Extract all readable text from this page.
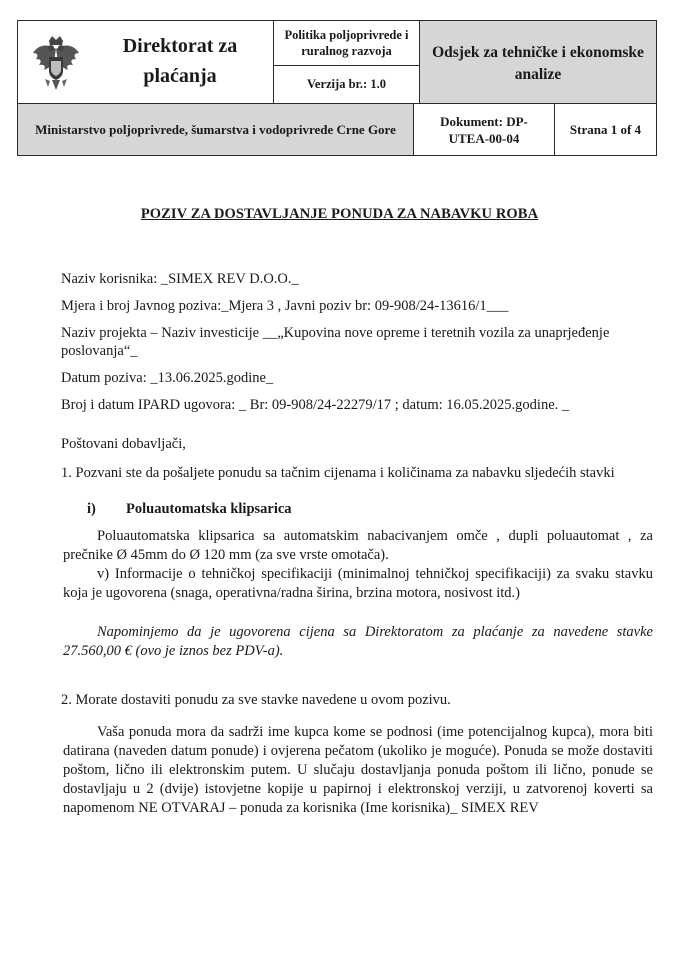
Direktorat za plaćanja
Politika poljoprivrede i ruralnog razvoja
Verzija br.: 1.0
Odsjek za tehničke i ekonomske analize
Ministarstvo poljoprivrede, šumarstva i vodoprivrede Crne Gore
Dokument: DP-UTEA-00-04
Strana 1 of 4
POZIV ZA DOSTAVLJANJE PONUDA ZA NABAVKU ROBA
Naziv korisnika: _SIMEX REV D.O.O._
Mjera i broj Javnog poziva:_Mjera 3 , Javni poziv br: 09-908/24-13616/1___
Naziv projekta – Naziv investicije __„Kupovina nove opreme i teretnih vozila za unaprjeđenje
poslovanja“_
Datum poziva: _13.06.2025.godine_
Broj i datum IPARD ugovora: _ Br: 09-908/24-22279/17 ; datum: 16.05.2025.godine. _
Poštovani dobavljači,
1. Pozvani ste da pošaljete ponudu sa tačnim cijenama i količinama za nabavku sljedećih stavki
i) Poluautomatska klipsarica
Poluautomatska klipsarica sa automatskim nabacivanjem omče , dupli poluautomat , za prečnike Ø 45mm do Ø 120 mm (za sve vrste omotača).
v) Informacije o tehničkoj specifikaciji (minimalnoj tehničkoj specifikaciji) za svaku stavku koja je ugovorena (snaga, operativna/radna širina, brzina motora, nosivost itd.)
Napominjemo da je ugovorena cijena sa Direktoratom za plaćanje za navedene stavke 27.560,00 € (ovo je iznos bez PDV-a).
2. Morate dostaviti ponudu za sve stavke navedene u ovom pozivu.
Vaša ponuda mora da sadrži ime kupca kome se podnosi (ime potencijalnog kupca), mora biti datirana (naveden datum ponude) i ovjerena pečatom (ukoliko je moguće). Ponuda se može dostaviti poštom, lično ili elektronskim putem. U slučaju dostavljanja ponuda poštom ili lično, ponude se dostavljaju u 2 (dvije) istovjetne kopije u papirnoj i elektronskoj verziji, u zatvorenoj koverti sa napomenom NE OTVARAJ – ponuda za korisnika (Ime korisnika)_ SIMEX REV
